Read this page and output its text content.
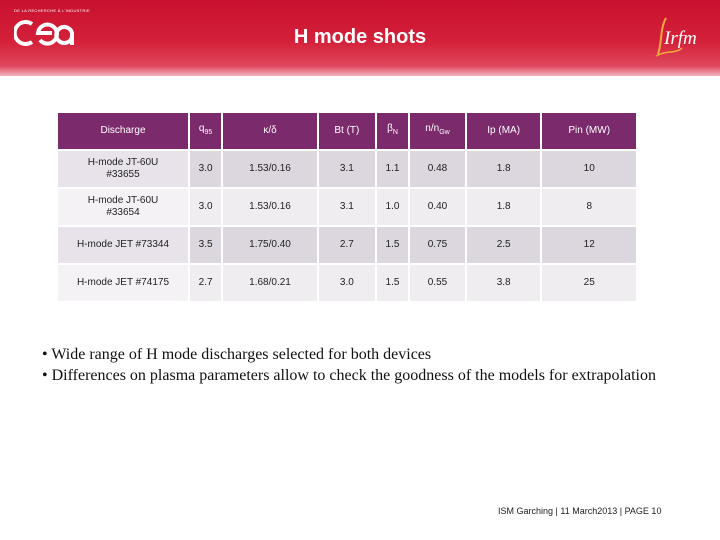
DE LA RECHERCHE À L'INDUSTRIE
H mode shots	Irfm
Discharge	$q_{95}$	κ/δ	Bt (T)	$\beta_N$	$n/n_{Gw}$	Ip (MA)	Pin (MW)
H-mode JT-60U #33655	3.0	1.53/0.16	3.1	1.1	0.48	1.8	10
H-mode JT-60U #33654	3.0	1.53/0.16	3.1	1.0	0.40	1.8	8
H-mode JET #73344	3.5	1.75/0.40	2.7	1.5	0.75	2.5	12
H-mode JET #74175	2.7	1.68/0.21	3.0	1.5	0.55	3.8	25
• Wide range of H mode discharges selected for both devices
• Differences on plasma parameters allow to check the goodness of the models for extrapolation
ISM Garching | 11 March2013 | PAGE 10
